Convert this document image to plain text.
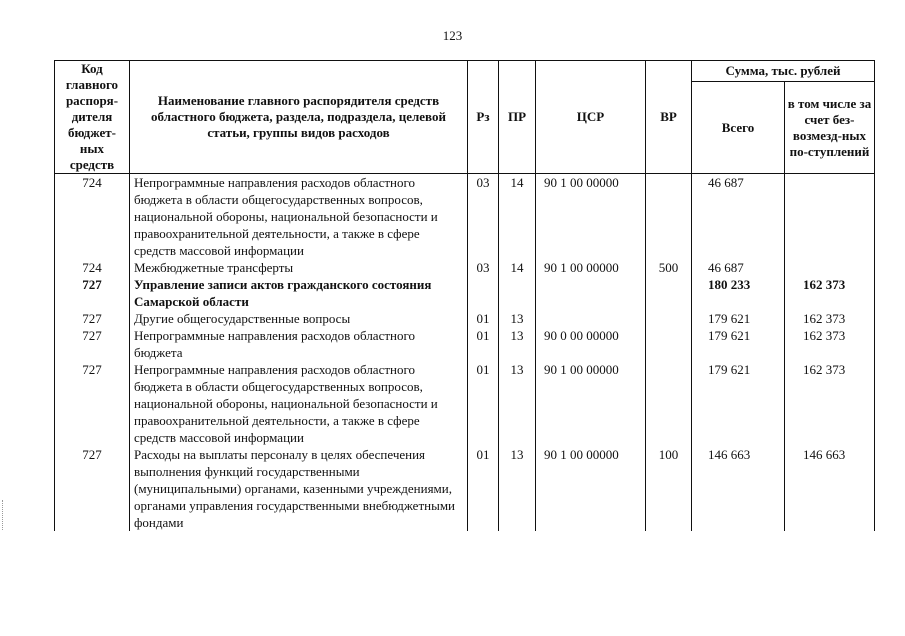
123
Код главного распоря-дителя бюджет-ных средств	Наименование главного распорядителя средств областного бюджета, раздела, подраздела, целевой статьи, группы видов расходов	Рз	ПР	ЦСР	ВР	Сумма, тыс. рублей	
						Всего	в том числе за счет без-возмезд-ных по-ступлений
724	Непрограммные направления расходов областного бюджета в области общегосударственных вопросов, национальной обороны, национальной безопасности и правоохранительной деятельности, а также в сфере средств массовой информации	03	14	90 1 00 00000		46 687	
724	Межбюджетные трансферты	03	14	90 1 00 00000	500	46 687	
727	Управление записи актов гражданского состояния Самарской области					180 233	162 373
727	Другие общегосударственные вопросы	01	13			179 621	162 373
727	Непрограммные направления расходов областного бюджета	01	13	90 0 00 00000		179 621	162 373
727	Непрограммные направления расходов областного бюджета в области общегосударственных вопросов, национальной обороны, национальной безопасности и правоохранительной деятельности, а также в сфере средств массовой информации	01	13	90 1 00 00000		179 621	162 373
727	Расходы на выплаты персоналу в целях обеспечения выполнения функций государственными (муниципальными) органами, казенными учреждениями, органами управления государственными внебюджетными фондами	01	13	90 1 00 00000	100	146 663	146 663
